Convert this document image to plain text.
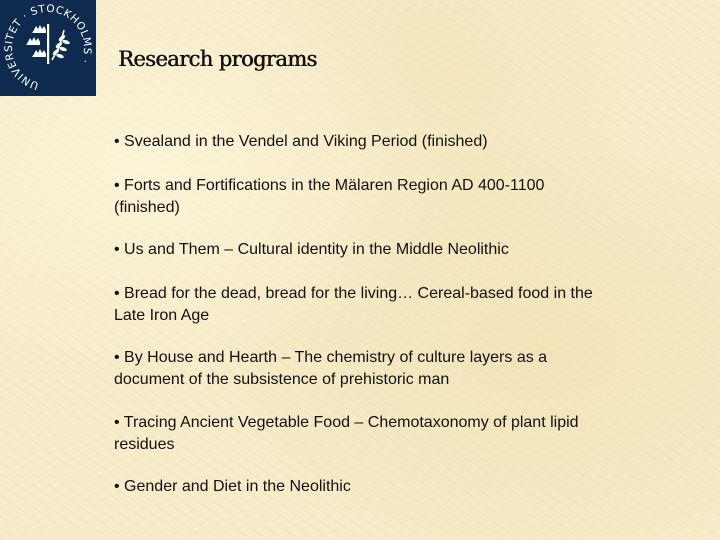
UNIVERSITET · STOCKHOLMS · Research programs
• Svealand in the Vendel and Viking Period (finished)
• Forts and Fortifications in the Mälaren Region AD 400-1100 (finished)
• Us and Them – Cultural identity in the Middle Neolithic
• Bread for the dead, bread for the living… Cereal-based food in the Late Iron Age
• By House and Hearth – The chemistry of culture layers as a document of the subsistence of prehistoric man
• Tracing Ancient Vegetable Food – Chemotaxonomy of plant lipid residues
• Gender and Diet in the Neolithic
